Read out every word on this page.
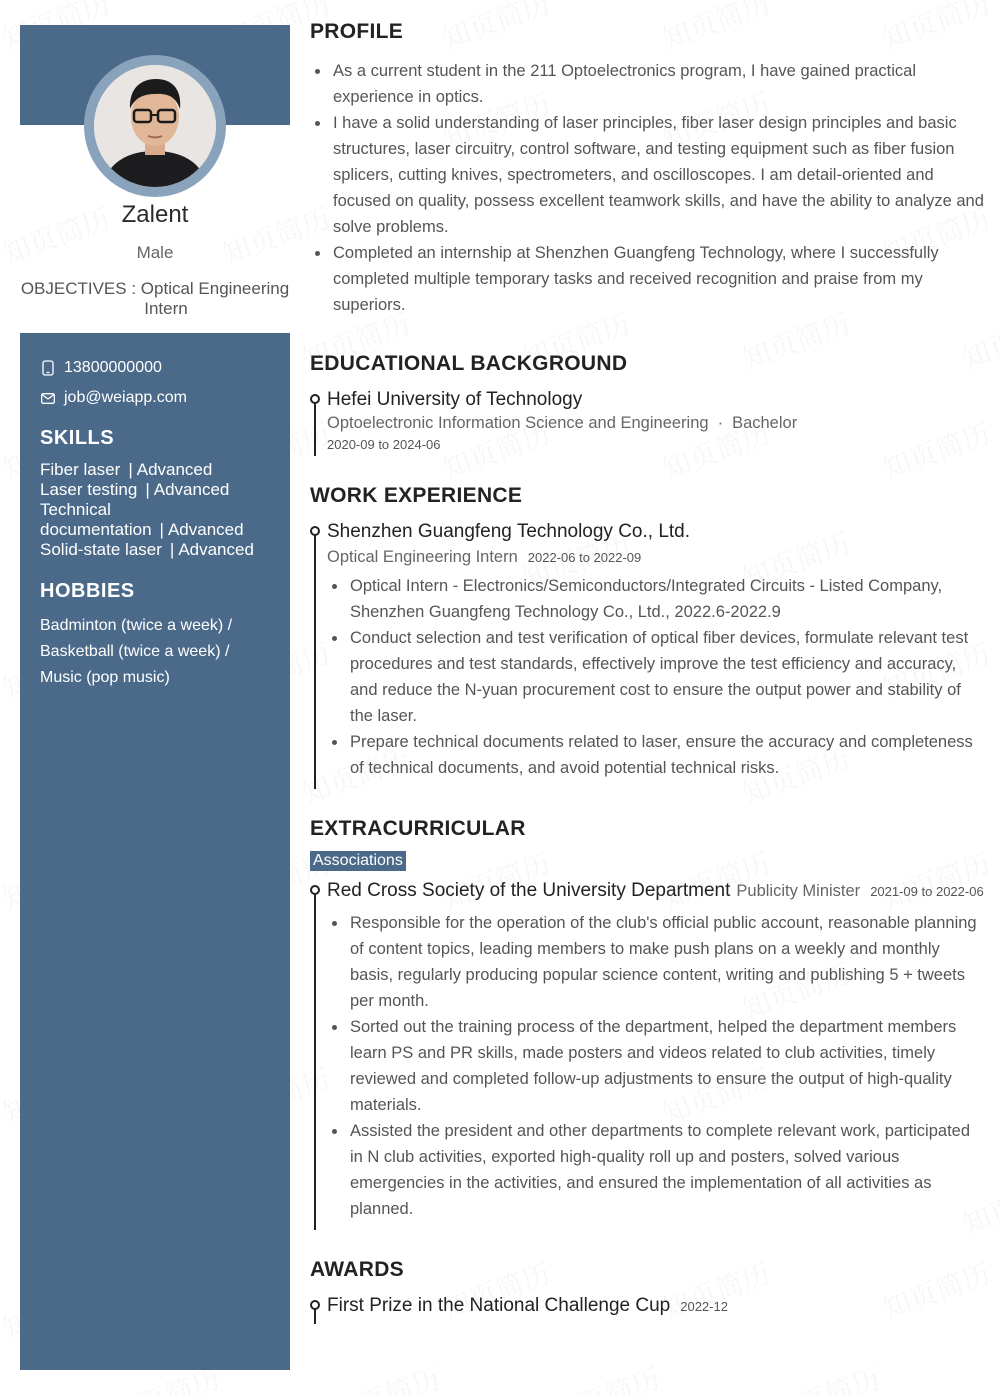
Zalent
Male
OBJECTIVES : Optical Engineering
Intern
13800000000
job@weiapp.com
SKILLS
Fiber laser | Advanced
Laser testing | Advanced
Technical documentation | Advanced
Solid-state laser | Advanced
HOBBIES
Badminton (twice a week) /
Basketball (twice a week) /
Music (pop music)
PROFILE
As a current student in the 211 Optoelectronics program, I have gained practical experience in optics.
I have a solid understanding of laser principles, fiber laser design principles and basic structures, laser circuitry, control software, and testing equipment such as fiber fusion splicers, cutting knives, spectrometers, and oscilloscopes. I am detail-oriented and focused on quality, possess excellent teamwork skills, and have the ability to analyze and solve problems.
Completed an internship at Shenzhen Guangfeng Technology, where I successfully completed multiple temporary tasks and received recognition and praise from my superiors.
EDUCATIONAL BACKGROUND
Hefei University of Technology
Optoelectronic Information Science and Engineering · Bachelor
2020-09 to 2024-06
WORK EXPERIENCE
Shenzhen Guangfeng Technology Co., Ltd.
Optical Engineering Intern 2022-06 to 2022-09
Optical Intern - Electronics/Semiconductors/Integrated Circuits - Listed Company, Shenzhen Guangfeng Technology Co., Ltd., 2022.6-2022.9
Conduct selection and test verification of optical fiber devices, formulate relevant test procedures and test standards, effectively improve the test efficiency and accuracy, and reduce the N-yuan procurement cost to ensure the output power and stability of the laser.
Prepare technical documents related to laser, ensure the accuracy and completeness of technical documents, and avoid potential technical risks.
EXTRACURRICULAR
Associations
Red Cross Society of the University Department Publicity Minister 2021-09 to 2022-06
Responsible for the operation of the club's official public account, reasonable planning of content topics, leading members to make push plans on a weekly and monthly basis, regularly producing popular science content, writing and publishing 5 + tweets per month.
Sorted out the training process of the department, helped the department members learn PS and PR skills, made posters and videos related to club activities, timely reviewed and completed follow-up adjustments to ensure the output of high-quality materials.
Assisted the president and other departments to complete relevant work, participated in N club activities, exported high-quality roll up and posters, solved various emergencies in the activities, and ensured the implementation of all activities as planned.
AWARDS
First Prize in the National Challenge Cup 2022-12
